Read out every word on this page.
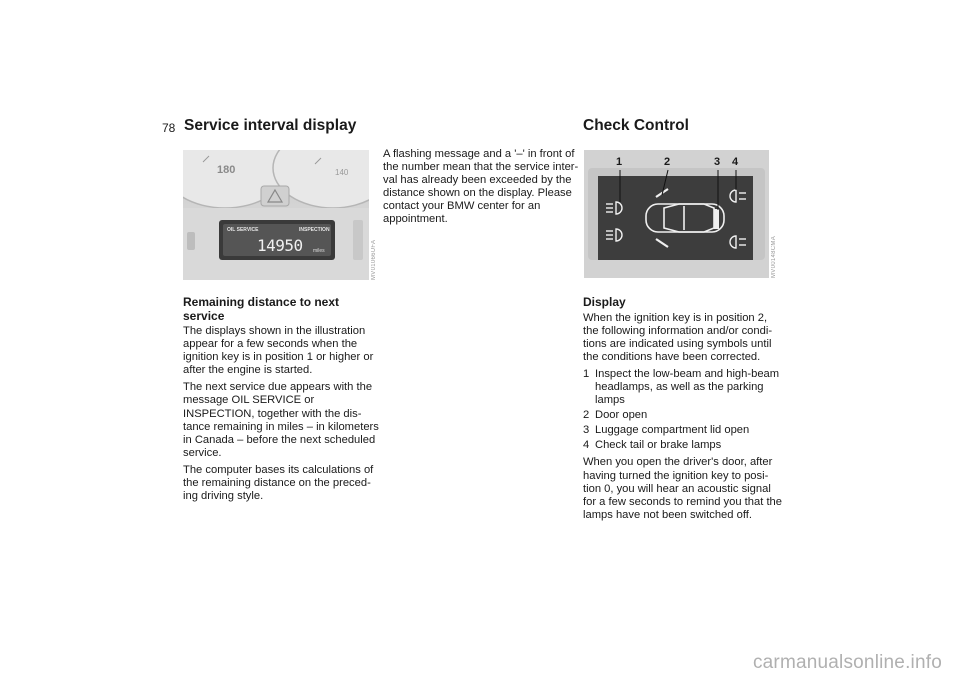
78 Service interval display	Check Control
180	140
OIL SERVICE	INSPECTION
14950 miles	MV01066UFA
Remaining distance to next service

The displays shown in the illustration appear for a few seconds when the ignition key is in position 1 or higher or after the engine is started.

The next service due appears with the message OIL SERVICE or INSPECTION, together with the dis-tance remaining in miles – in kilometers in Canada – before the next scheduled service.

The computer bases its calculations of the remaining distance on the preced-ing driving style.

A flashing message and a '–' in front of the number mean that the service inter-val has already been exceeded by the distance shown on the display. Please contact your BMW center for an appointment.

1	2	3 4
MV00148CMA
Display

When the ignition key is in position 2, the following information and/or condi-tions are indicated using symbols until the conditions have been corrected.

1 Inspect the low-beam and high-beam headlamps, as well as the parking lamps
2 Door open
3 Luggage compartment lid open
4 Check tail or brake lamps

When you open the driver's door, after having turned the ignition key to posi-tion 0, you will hear an acoustic signal for a few seconds to remind you that the lamps have not been switched off.

carmanualsonline.info
